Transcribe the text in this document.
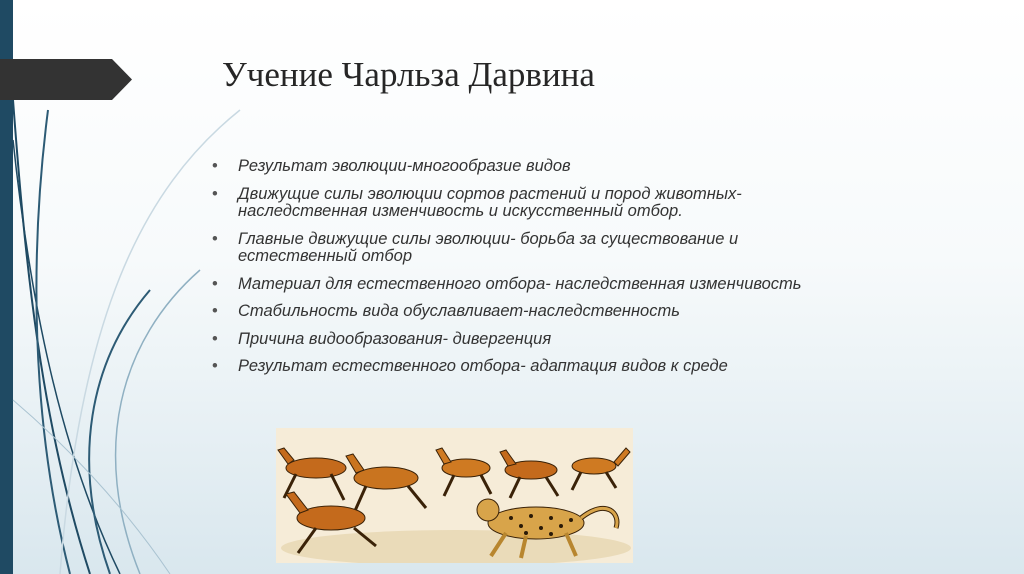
Учение Чарльза Дарвина
• Результат эволюции-многообразие видов
• Движущие силы эволюции сортов растений и пород животных- наследственная изменчивость и искусственный отбор.
• Главные движущие силы эволюции- борьба за существование и естественный отбор
• Материал для естественного отбора- наследственная изменчивость
• Стабильность вида обуславливает-наследственность
• Причина видообразования- дивергенция
• Результат естественного отбора- адаптация видов к среде
